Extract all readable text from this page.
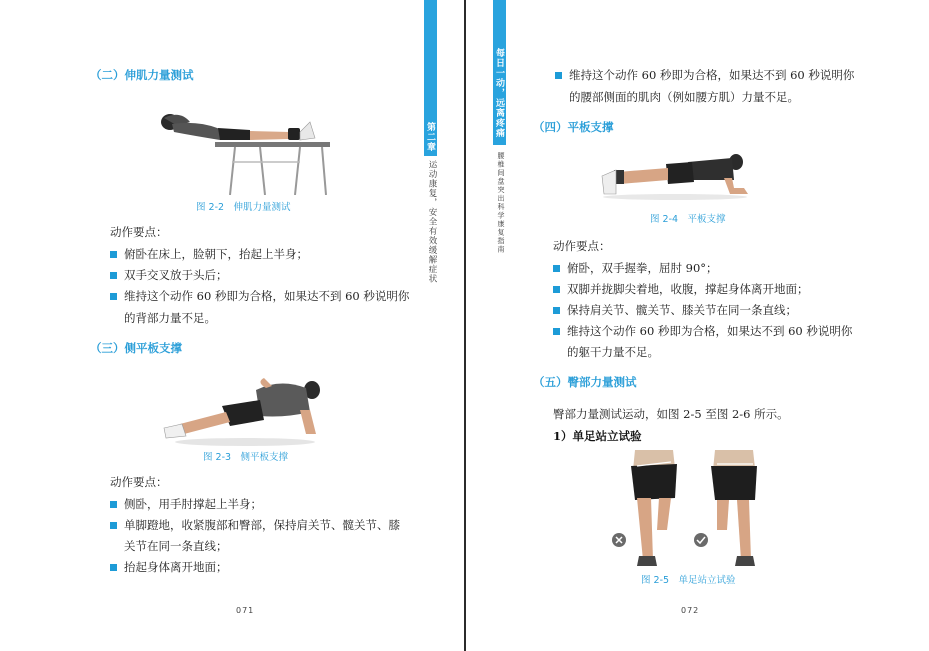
第二章
运动康复，安全有效缓解症状
（二）伸肌力量测试
图 2-2　伸肌力量测试
动作要点：
俯卧在床上，脸朝下，抬起上半身；
双手交叉放于头后；
维持这个动作 60 秒即为合格，如果达不到 60 秒说明你
的背部力量不足。
（三）侧平板支撑
图 2-3　侧平板支撑
动作要点：
侧卧，用手肘撑起上半身；
单脚蹬地，收紧腹部和臀部，保持肩关节、髋关节、膝
关节在同一条直线；
抬起身体离开地面；
071
每日一动，远离疼痛
腰椎间盘突出科学康复指南
维持这个动作 60 秒即为合格，如果达不到 60 秒说明你
的腰部侧面的肌肉（例如腰方肌）力量不足。
（四）平板支撑
图 2-4　平板支撑
动作要点：
俯卧，双手握拳，屈肘 90°；
双脚并拢脚尖着地，收腹，撑起身体离开地面；
保持肩关节、髋关节、膝关节在同一条直线；
维持这个动作 60 秒即为合格，如果达不到 60 秒说明你
的躯干力量不足。
（五）臀部力量测试
臀部力量测试运动，如图 2-5 至图 2-6 所示。
1）单足站立试验
图 2-5　单足站立试验
072
